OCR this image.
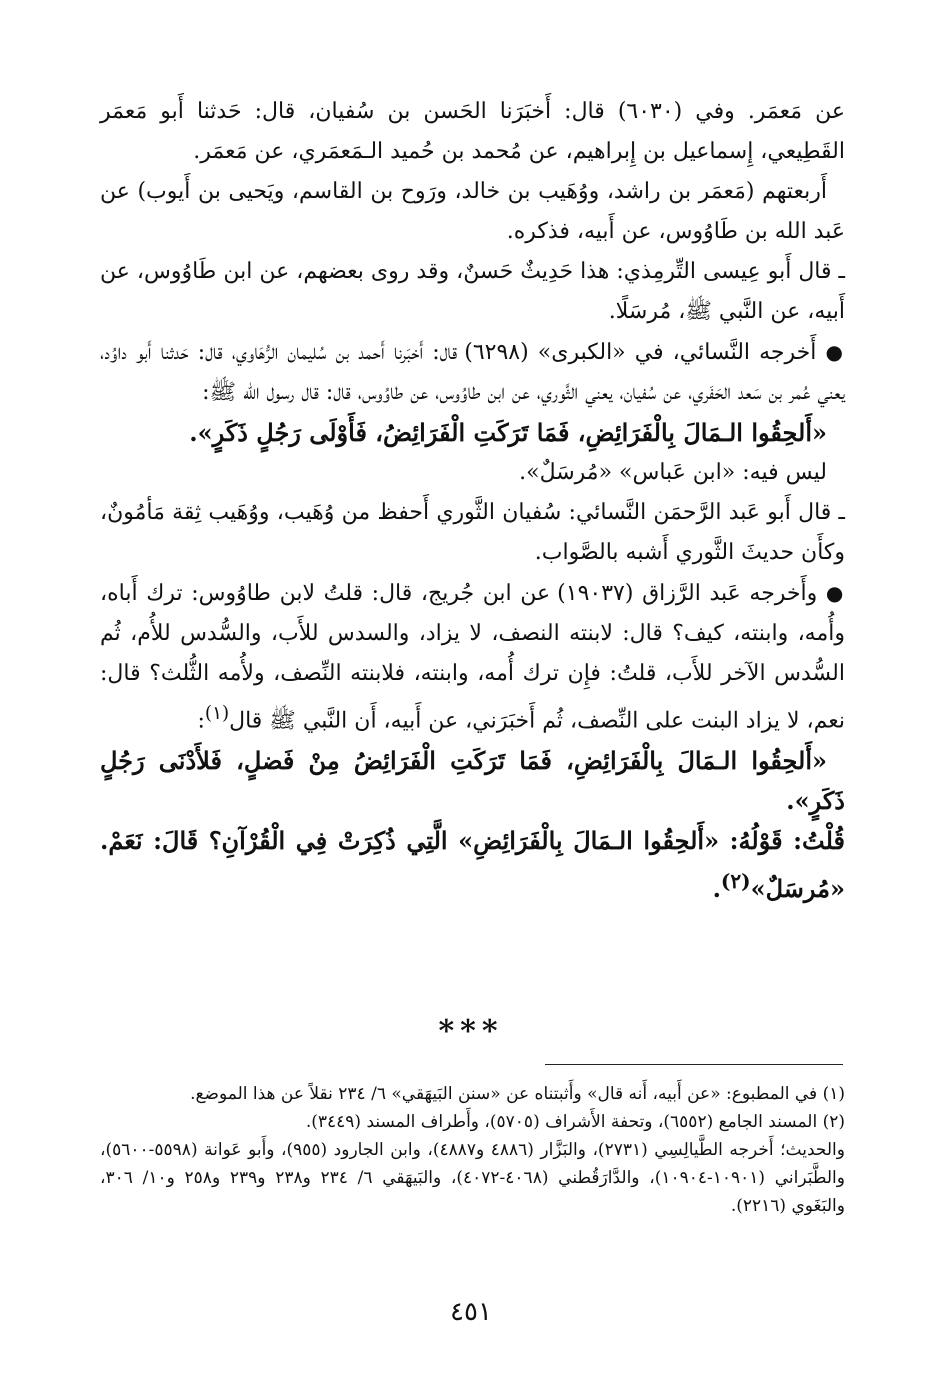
عن مَعمَر. وفي (٦٠٣٠) قال: أَخبَرَنا الحَسن بن سُفيان، قال: حَدثنا أَبو مَعمَر القَطِيعي، إِسماعيل بن إِبراهيم، عن مُحمد بن حُميد الـمَعمَري، عن مَعمَر.

أَربعتهم (مَعمَر بن راشد، ووُهَيب بن خالد، ورَوح بن القاسم، ويَحيى بن أَيوب) عن عَبد الله بن طَاوُوس، عن أَبيه، فذكره.

ـ قال أَبو عِيسى التِّرمِذي: هذا حَدِيثٌ حَسنٌ، وقد روى بعضهم، عن ابن طَاوُوس، عن أَبيه، عن النَّبي ﷺ، مُرسَلًا.

● أَخرجه النَّسائي، في «الكبرى» (٦٢٩٨) قال: أَخبَرنا أَحمد بن سُليمان الرُّهَاوي، قال: حَدثنا أَبو داوُد، يعني عُمر بن سَعد الحَفَري، عن سُفيان، يعني الثَّوري، عن ابن طاوُوس، عن طاوُوس، قال: قال رسول الله ﷺ:

«أَلحِقُوا الـمَالَ بِالْفَرَائِضِ، فَمَا تَرَكَتِ الْفَرَائِضُ، فَأَوْلَى رَجُلٍ ذَكَرٍ».

ليس فيه: «ابن عَباس» «مُرسَلٌ».

ـ قال أَبو عَبد الرَّحمَن النَّسائي: سُفيان الثَّوري أَحفظ من وُهَيب، ووُهَيب ثِقة مَأمُونٌ، وكأَن حديثَ الثَّوري أَشبه بالصَّواب.

● وأَخرجه عَبد الرَّزاق (١٩٠٣٧) عن ابن جُريج، قال: قلتُ لابن طاوُوس: ترك أَباه، وأُمه، وابنته، كيف؟ قال: لابنته النصف، لا يزاد، والسدس للأَب، والسُّدس للأُم، ثُم السُّدس الآخر للأَب، قلتُ: فإِن ترك أُمه، وابنته، فلابنته النِّصف، ولأُمه الثُّلث؟ قال: نعم، لا يزاد البنت على النِّصف، ثُم أَخبَرَني، عن أَبيه، أَن النَّبي ﷺ قال$^{(١)}$:

«أَلحِقُوا الـمَالَ بِالْفَرَائِضِ، فَمَا تَرَكَتِ الْفَرَائِضُ مِنْ فَضلٍ، فَلأَدْنَى رَجُلٍ ذَكَرٍ».

قُلْتُ: قَوْلُهُ: «أَلحِقُوا الـمَالَ بِالْفَرَائِضِ» الَّتِي ذُكِرَتْ فِي الْقُرْآنِ؟ قَالَ: نَعَمْ. «مُرسَلٌ»$^{(٢)}$.

***

(١) في المطبوع: «عن أَبيه، أَنه قال» وأَثبتناه عن «سنن البَيهَقي» ٦/ ٢٣٤ نقلاً عن هذا الموضع.

(٢) المسند الجامع (٦٥٥٢)، وتحفة الأَشراف (٥٧٠٥)، وأَطراف المسند (٣٤٤٩).

والحديث؛ أَخرجه الطَّيالِسِي (٢٧٣١)، والبَزَّار (٤٨٨٦ و٤٨٨٧)، وابن الجارود (٩٥٥)، وأَبو عَوانة (٥٥٩٨-٥٦٠٠)، والطَّبَراني (١٠٩٠١-١٠٩٠٤)، والدَّارَقُطني (٤٠٦٨-٤٠٧٢)، والبَيهَقي ٦/ ٢٣٤ و٢٣٨ و٢٣٩ و٢٥٨ و١٠/ ٣٠٦، والبَغَوي (٢٢١٦).

٤٥١
